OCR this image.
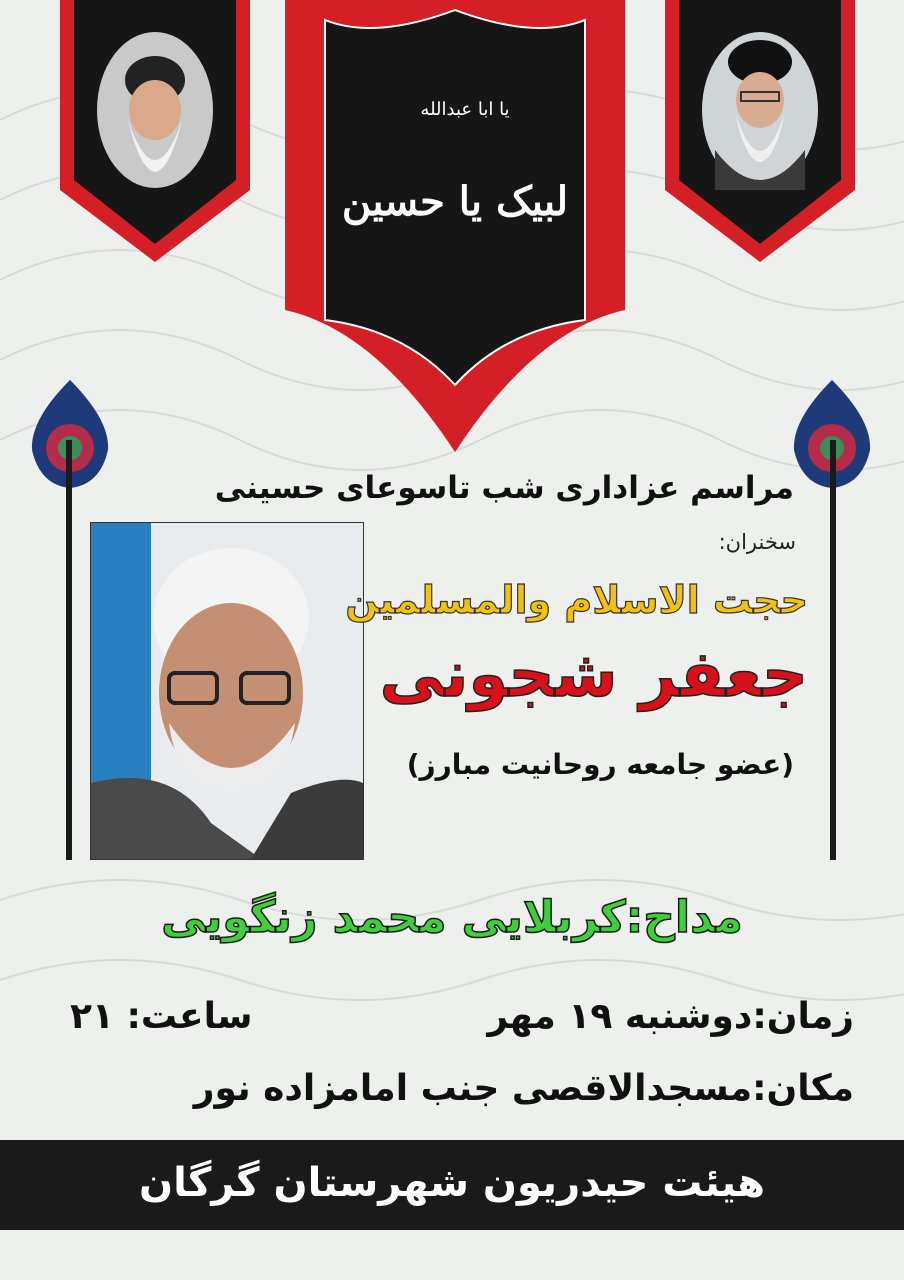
لبیک یا حسین
یا ابا عبدالله
مراسم عزاداری شب تاسوعای حسینی
سخنران:
حجت الاسلام والمسلمین
جعفر شجونی
(عضو جامعه روحانیت مبارز)
مداح:کربلایی محمد زنگویی
زمان:دوشنبه ۱۹ مهر
ساعت: ۲۱
مکان:مسجدالاقصی جنب امامزاده نور
هیئت حیدریون شهرستان گرگان
